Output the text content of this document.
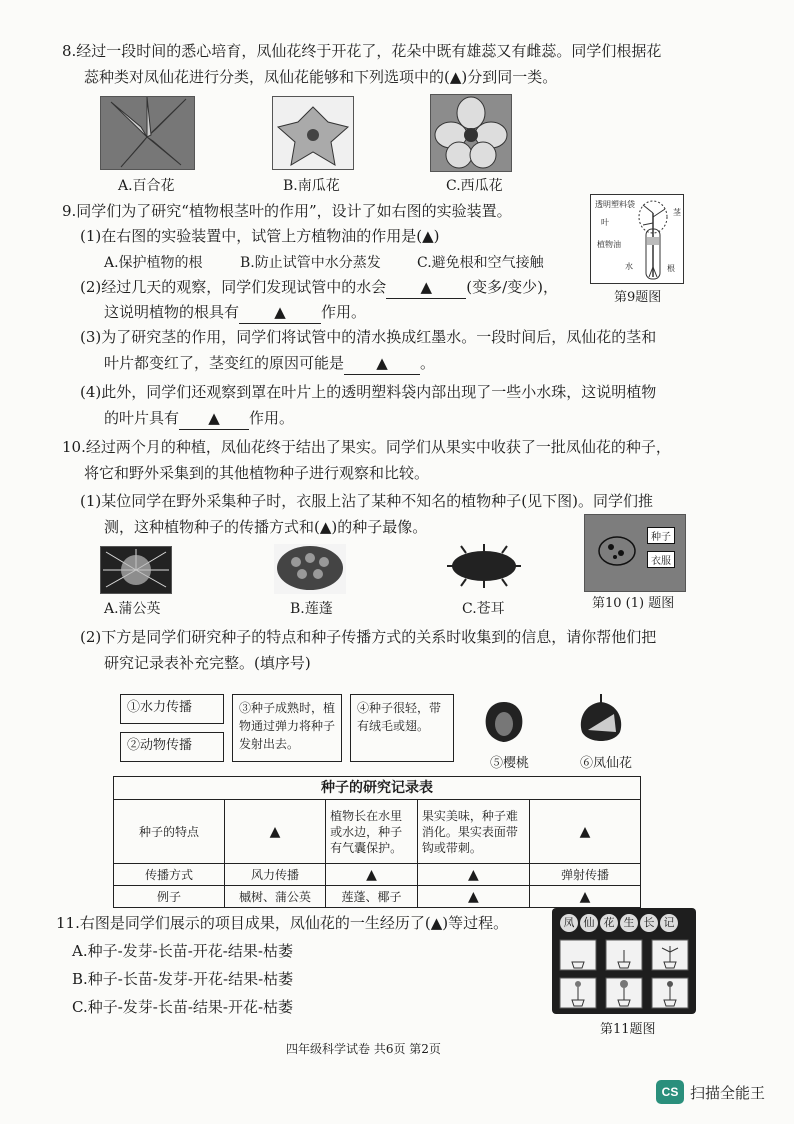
8.经过一段时间的悉心培育，凤仙花终于开花了，花朵中既有雄蕊又有雌蕊。同学们根据花
蕊种类对凤仙花进行分类，凤仙花能够和下列选项中的(▲)分到同一类。
A.百合花	B.南瓜花	C.西瓜花
9.同学们为了研究“植物根茎叶的作用”，设计了如右图的实验装置。
(1)在右图的实验装置中，试管上方植物油的作用是(▲)
A.保护植物的根	B.防止试管中水分蒸发	C.避免根和空气接触
(2)经过几天的观察，同学们发现试管中的水会 ▲ (变多/变少)，
这说明植物的根具有 ▲ 作用。
(3)为了研究茎的作用，同学们将试管中的清水换成红墨水。一段时间后，凤仙花的茎和
叶片都变红了，茎变红的原因可能是 ▲ 。
(4)此外，同学们还观察到罩在叶片上的透明塑料袋内部出现了一些小水珠，这说明植物
的叶片具有 ▲ 作用。
透明塑料袋
叶
茎
植物油
水	根
第9题图
10.经过两个月的种植，凤仙花终于结出了果实。同学们从果实中收获了一批凤仙花的种子，
将它和野外采集到的其他植物种子进行观察和比较。
(1)某位同学在野外采集种子时，衣服上沾了某种不知名的植物种子(见下图)。同学们推
测，这种植物种子的传播方式和(▲)的种子最像。
A.蒲公英	B.莲蓬	C.苍耳
种子
衣服
第10 (1) 题图
(2)下方是同学们研究种子的特点和种子传播方式的关系时收集到的信息，请你帮他们把
研究记录表补充完整。(填序号)
①水力传播
②动物传播
③种子成熟时，植物通过弹力将种子发射出去。
④种子很轻，带有绒毛或翅。
⑤樱桃	⑥凤仙花
种子的研究记录表				
种子的特点	▲	植物长在水里或水边，种子有气囊保护。	果实美味，种子难消化。果实表面带钩或带刺。	▲
传播方式	风力传播	▲	▲	弹射传播
例子	槭树、蒲公英	莲蓬、椰子	▲	▲
11.右图是同学们展示的项目成果，凤仙花的一生经历了(▲)等过程。
A.种子-发芽-长苗-开花-结果-枯萎
B.种子-长苗-发芽-开花-结果-枯萎
C.种子-发芽-长苗-结果-开花-枯萎
凤 仙 花 生 长 记
第11题图
四年级科学试卷 共6页 第2页
CS 扫描全能王
